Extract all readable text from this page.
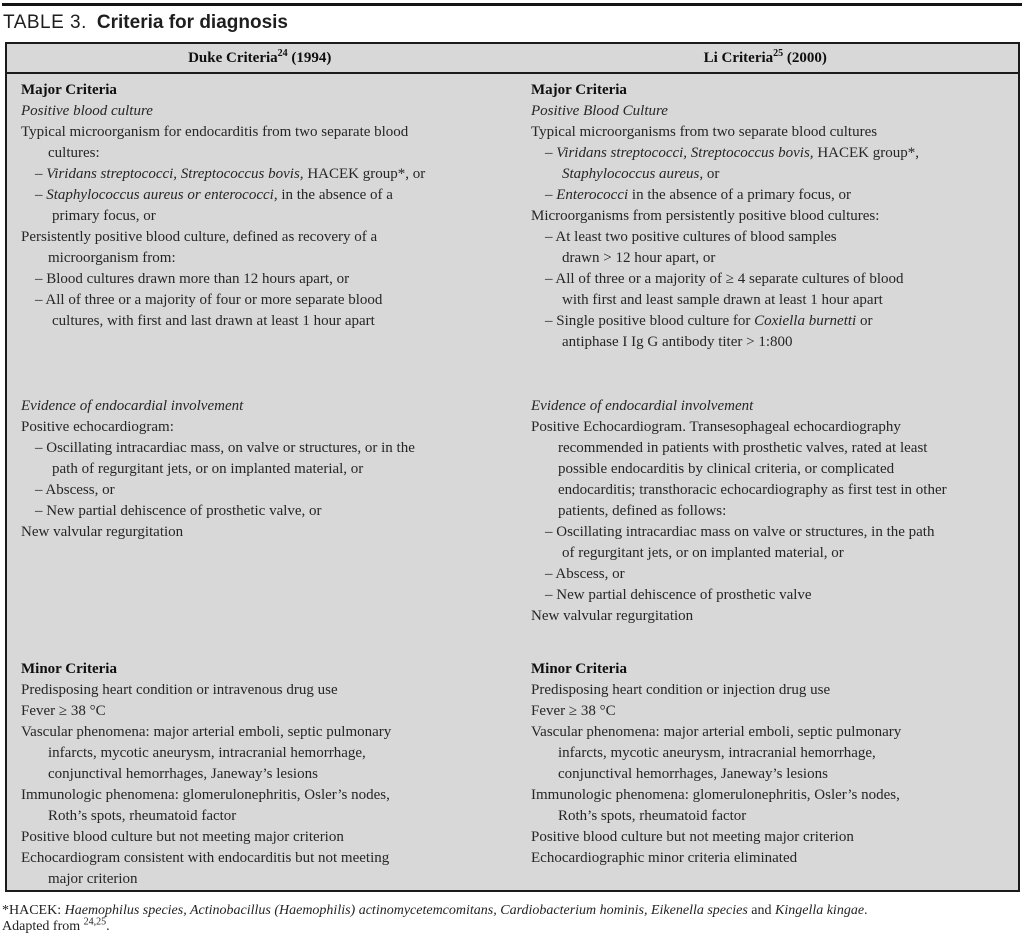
TABLE 3. Criteria for diagnosis
Duke Criteria$^{24}$ (1994)	Li Criteria$^{25}$ (2000)
Major Criteria
Positive blood culture
Typical microorganism for endocarditis from two separate blood
cultures:
– Viridans streptococci, Streptococcus bovis, HACEK group*, or
– Staphylococcus aureus or enterococci, in the absence of a
primary focus, or
Persistently positive blood culture, defined as recovery of a
microorganism from:
– Blood cultures drawn more than 12 hours apart, or
– All of three or a majority of four or more separate blood
cultures, with first and last drawn at least 1 hour apart
Major Criteria
Positive Blood Culture
Typical microorganisms from two separate blood cultures
– Viridans streptococci, Streptococcus bovis, HACEK group*,
Staphylococcus aureus, or
– Enterococci in the absence of a primary focus, or
Microorganisms from persistently positive blood cultures:
– At least two positive cultures of blood samples
drawn > 12 hour apart, or
– All of three or a majority of ≥ 4 separate cultures of blood
with first and least sample drawn at least 1 hour apart
– Single positive blood culture for Coxiella burnetti or
antiphase I Ig G antibody titer > 1:800
Evidence of endocardial involvement
Positive echocardiogram:
– Oscillating intracardiac mass, on valve or structures, or in the
path of regurgitant jets, or on implanted material, or
– Abscess, or
– New partial dehiscence of prosthetic valve, or
New valvular regurgitation
Evidence of endocardial involvement
Positive Echocardiogram. Transesophageal echocardiography
recommended in patients with prosthetic valves, rated at least
possible endocarditis by clinical criteria, or complicated
endocarditis; transthoracic echocardiography as first test in other
patients, defined as follows:
– Oscillating intracardiac mass on valve or structures, in the path
of regurgitant jets, or on implanted material, or
– Abscess, or
– New partial dehiscence of prosthetic valve
New valvular regurgitation
Minor Criteria
Predisposing heart condition or intravenous drug use
Fever ≥ 38 °C
Vascular phenomena: major arterial emboli, septic pulmonary
infarcts, mycotic aneurysm, intracranial hemorrhage,
conjunctival hemorrhages, Janeway’s lesions
Immunologic phenomena: glomerulonephritis, Osler’s nodes,
Roth’s spots, rheumatoid factor
Positive blood culture but not meeting major criterion
Echocardiogram consistent with endocarditis but not meeting
major criterion
Minor Criteria
Predisposing heart condition or injection drug use
Fever ≥ 38 °C
Vascular phenomena: major arterial emboli, septic pulmonary
infarcts, mycotic aneurysm, intracranial hemorrhage,
conjunctival hemorrhages, Janeway’s lesions
Immunologic phenomena: glomerulonephritis, Osler’s nodes,
Roth’s spots, rheumatoid factor
Positive blood culture but not meeting major criterion
Echocardiographic minor criteria eliminated
*HACEK: Haemophilus species, Actinobacillus (Haemophilis) actinomycetemcomitans, Cardiobacterium hominis, Eikenella species and Kingella kingae.
Adapted from $^{24,25}$.
